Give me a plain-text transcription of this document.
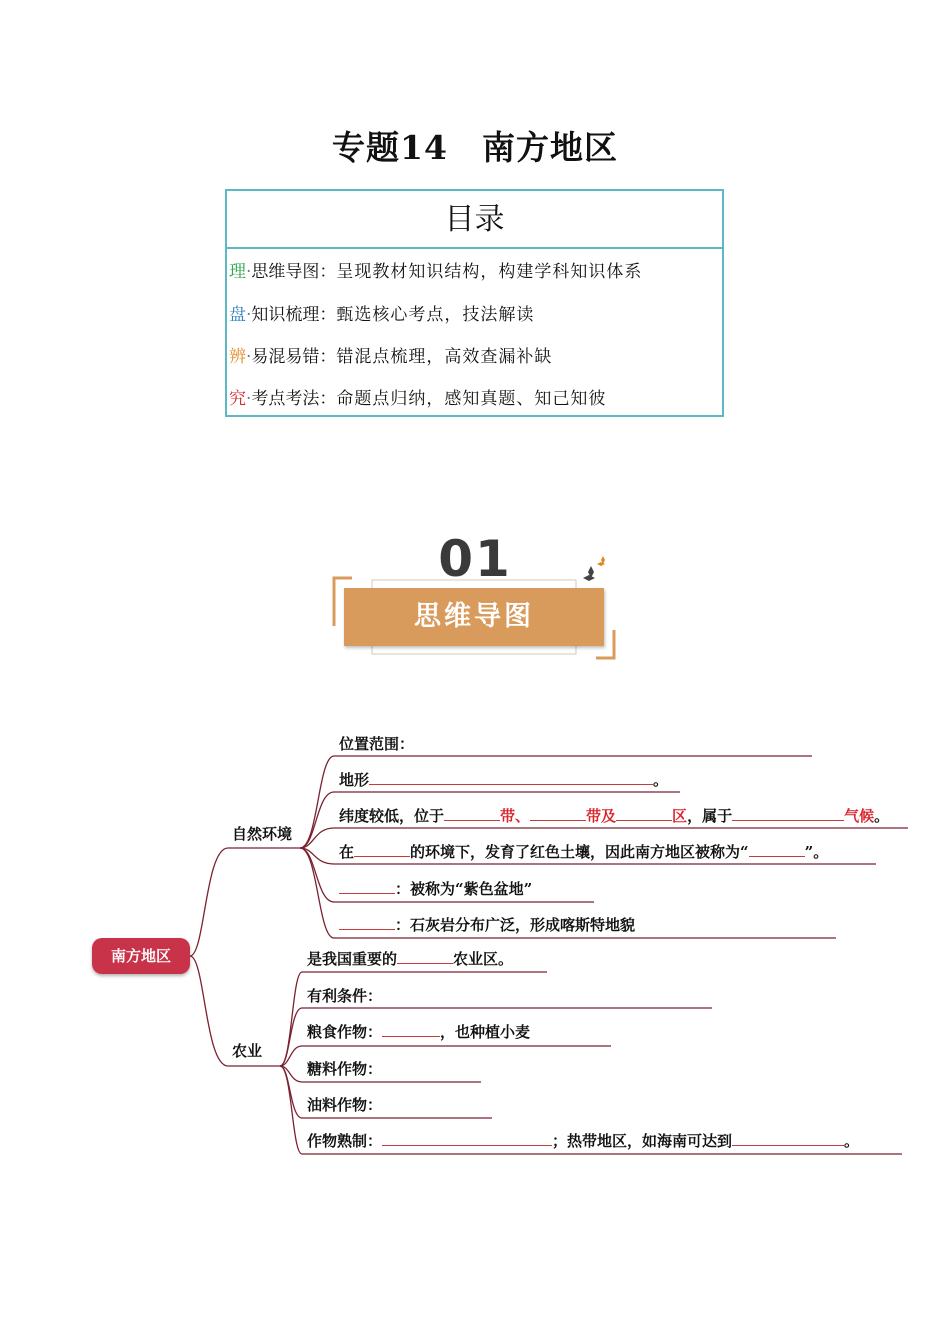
专题14　南方地区
目录
理·思维导图：呈现教材知识结构，构建学科知识体系
盘·知识梳理：甄选核心考点，技法解读
辨·易混易错：错混点梳理，高效查漏补缺
究·考点考法：命题点归纳，感知真题、知己知彼
01
思维导图
南方地区
自然环境
农业
位置范围：
地形	。
纬度较低，位于	带、	带及	区，属于	气候。
在	的环境下，发育了红色土壤，因此南方地区被称为“	”。
：被称为“紫色盆地”
：石灰岩分布广泛，形成喀斯特地貌
是我国重要的	农业区。
有利条件：
粮食作物：	，也种植小麦
糖料作物：
油料作物：
作物熟制：	；热带地区，如海南可达到	。
